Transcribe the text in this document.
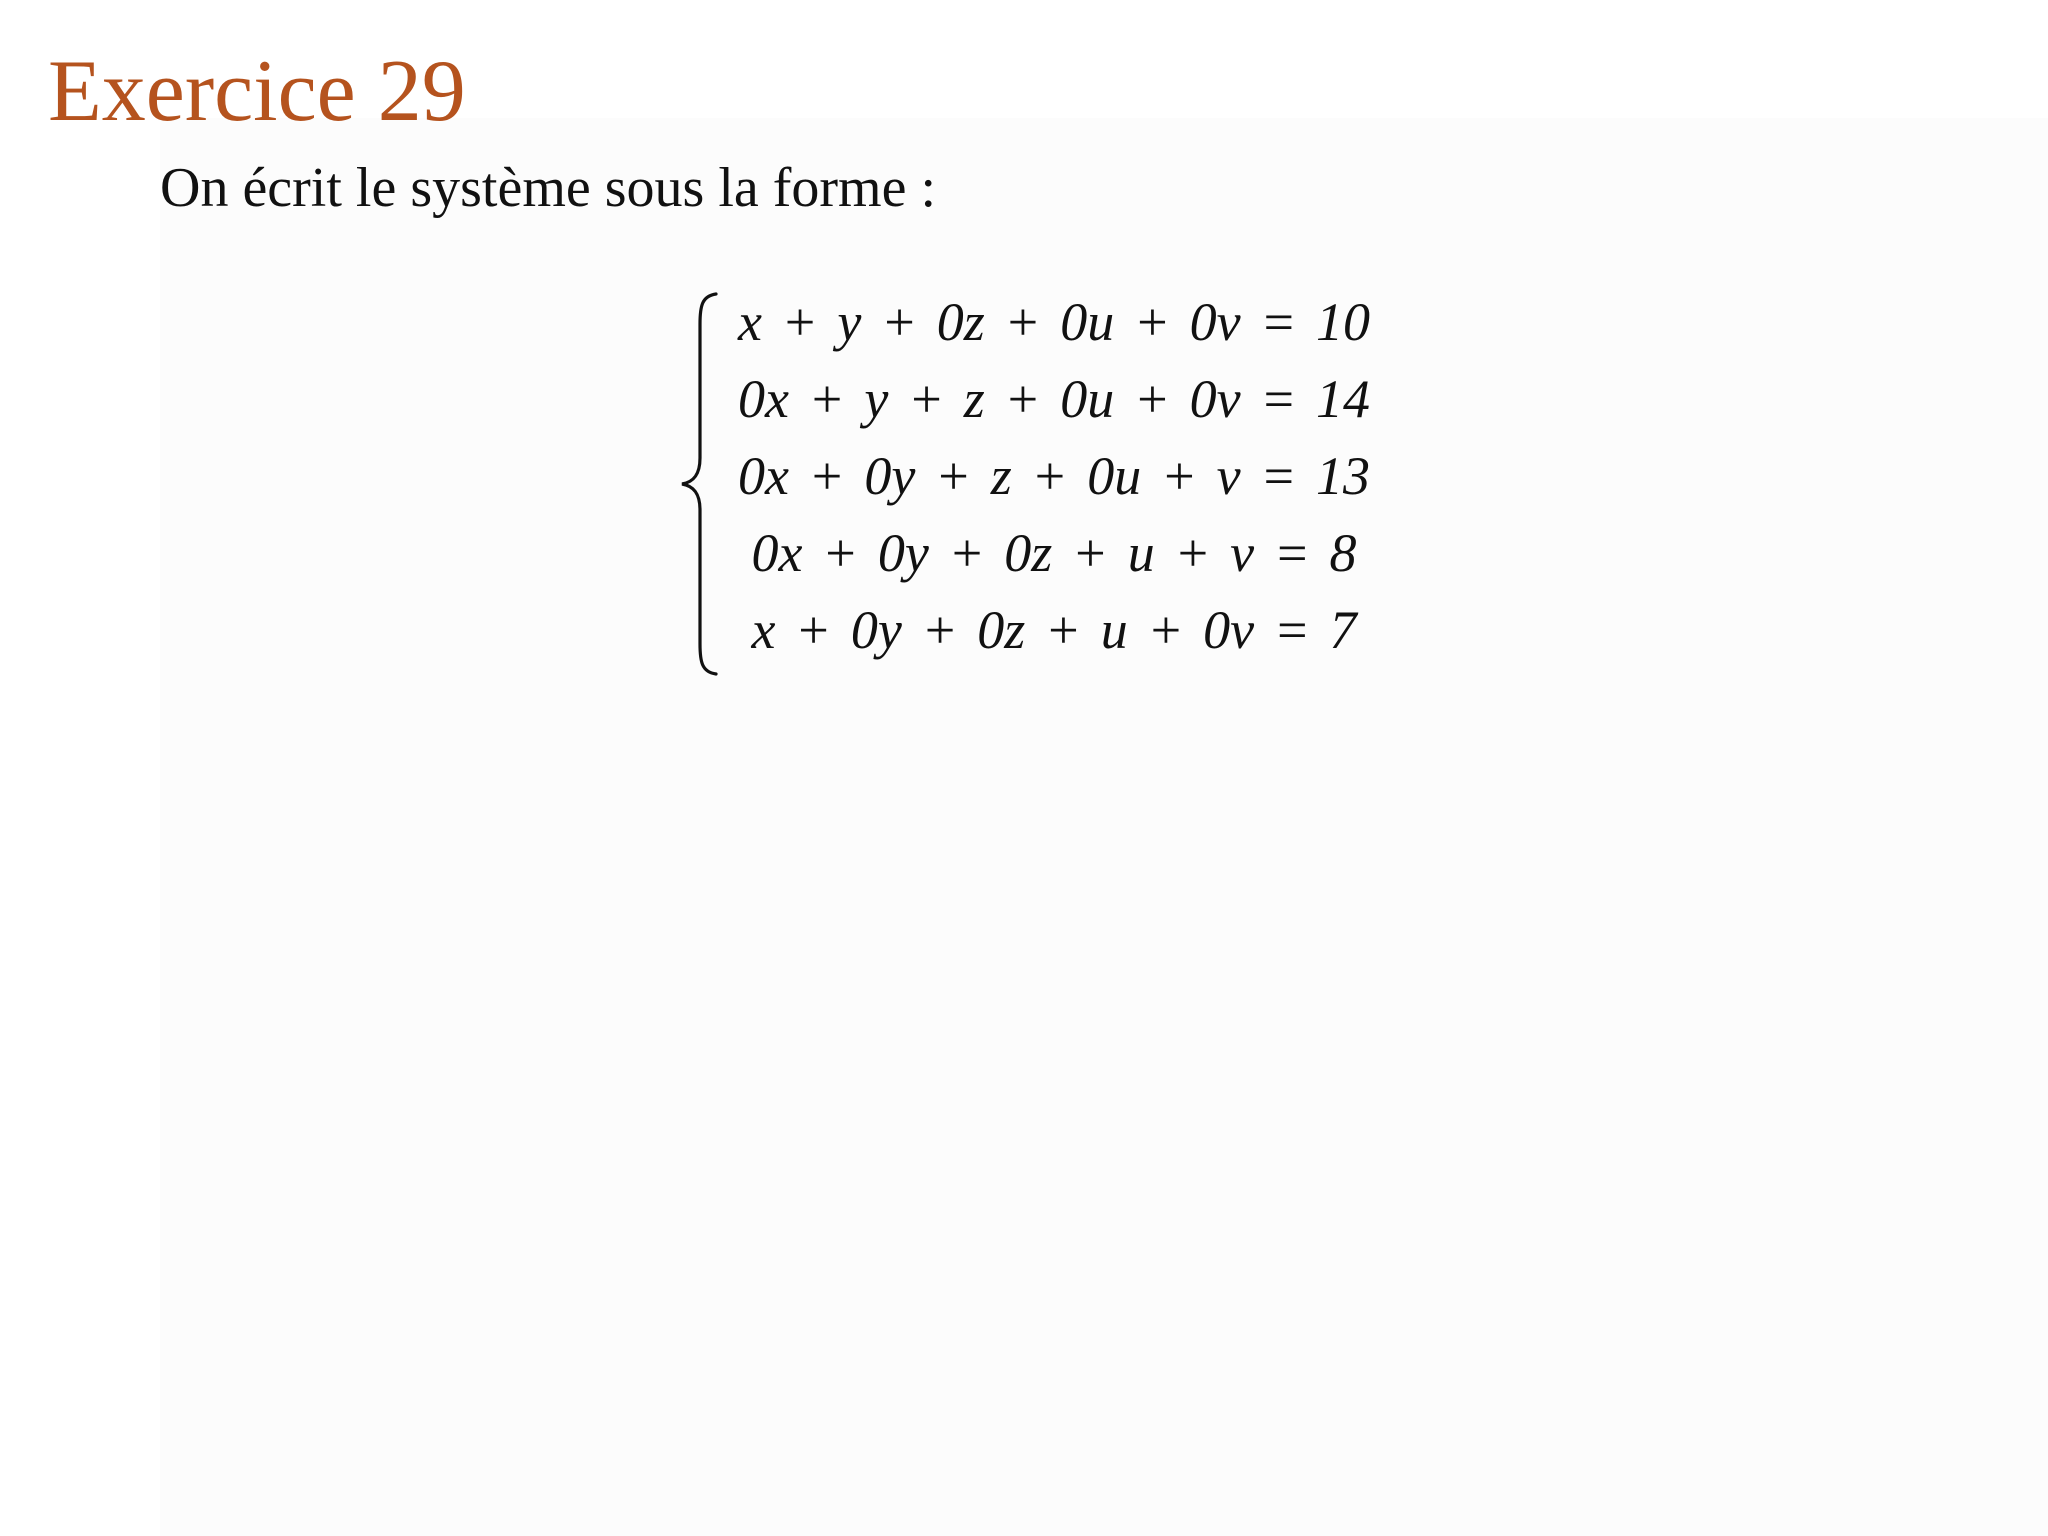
Exercice 29

On écrit le système sous la forme :

x + y + 0z + 0u + 0v = 10
0x + y + z + 0u + 0v = 14
0x + 0y + z + 0u + v = 13
0x + 0y + 0z + u + v = 8
x + 0y + 0z + u + 0v = 7
